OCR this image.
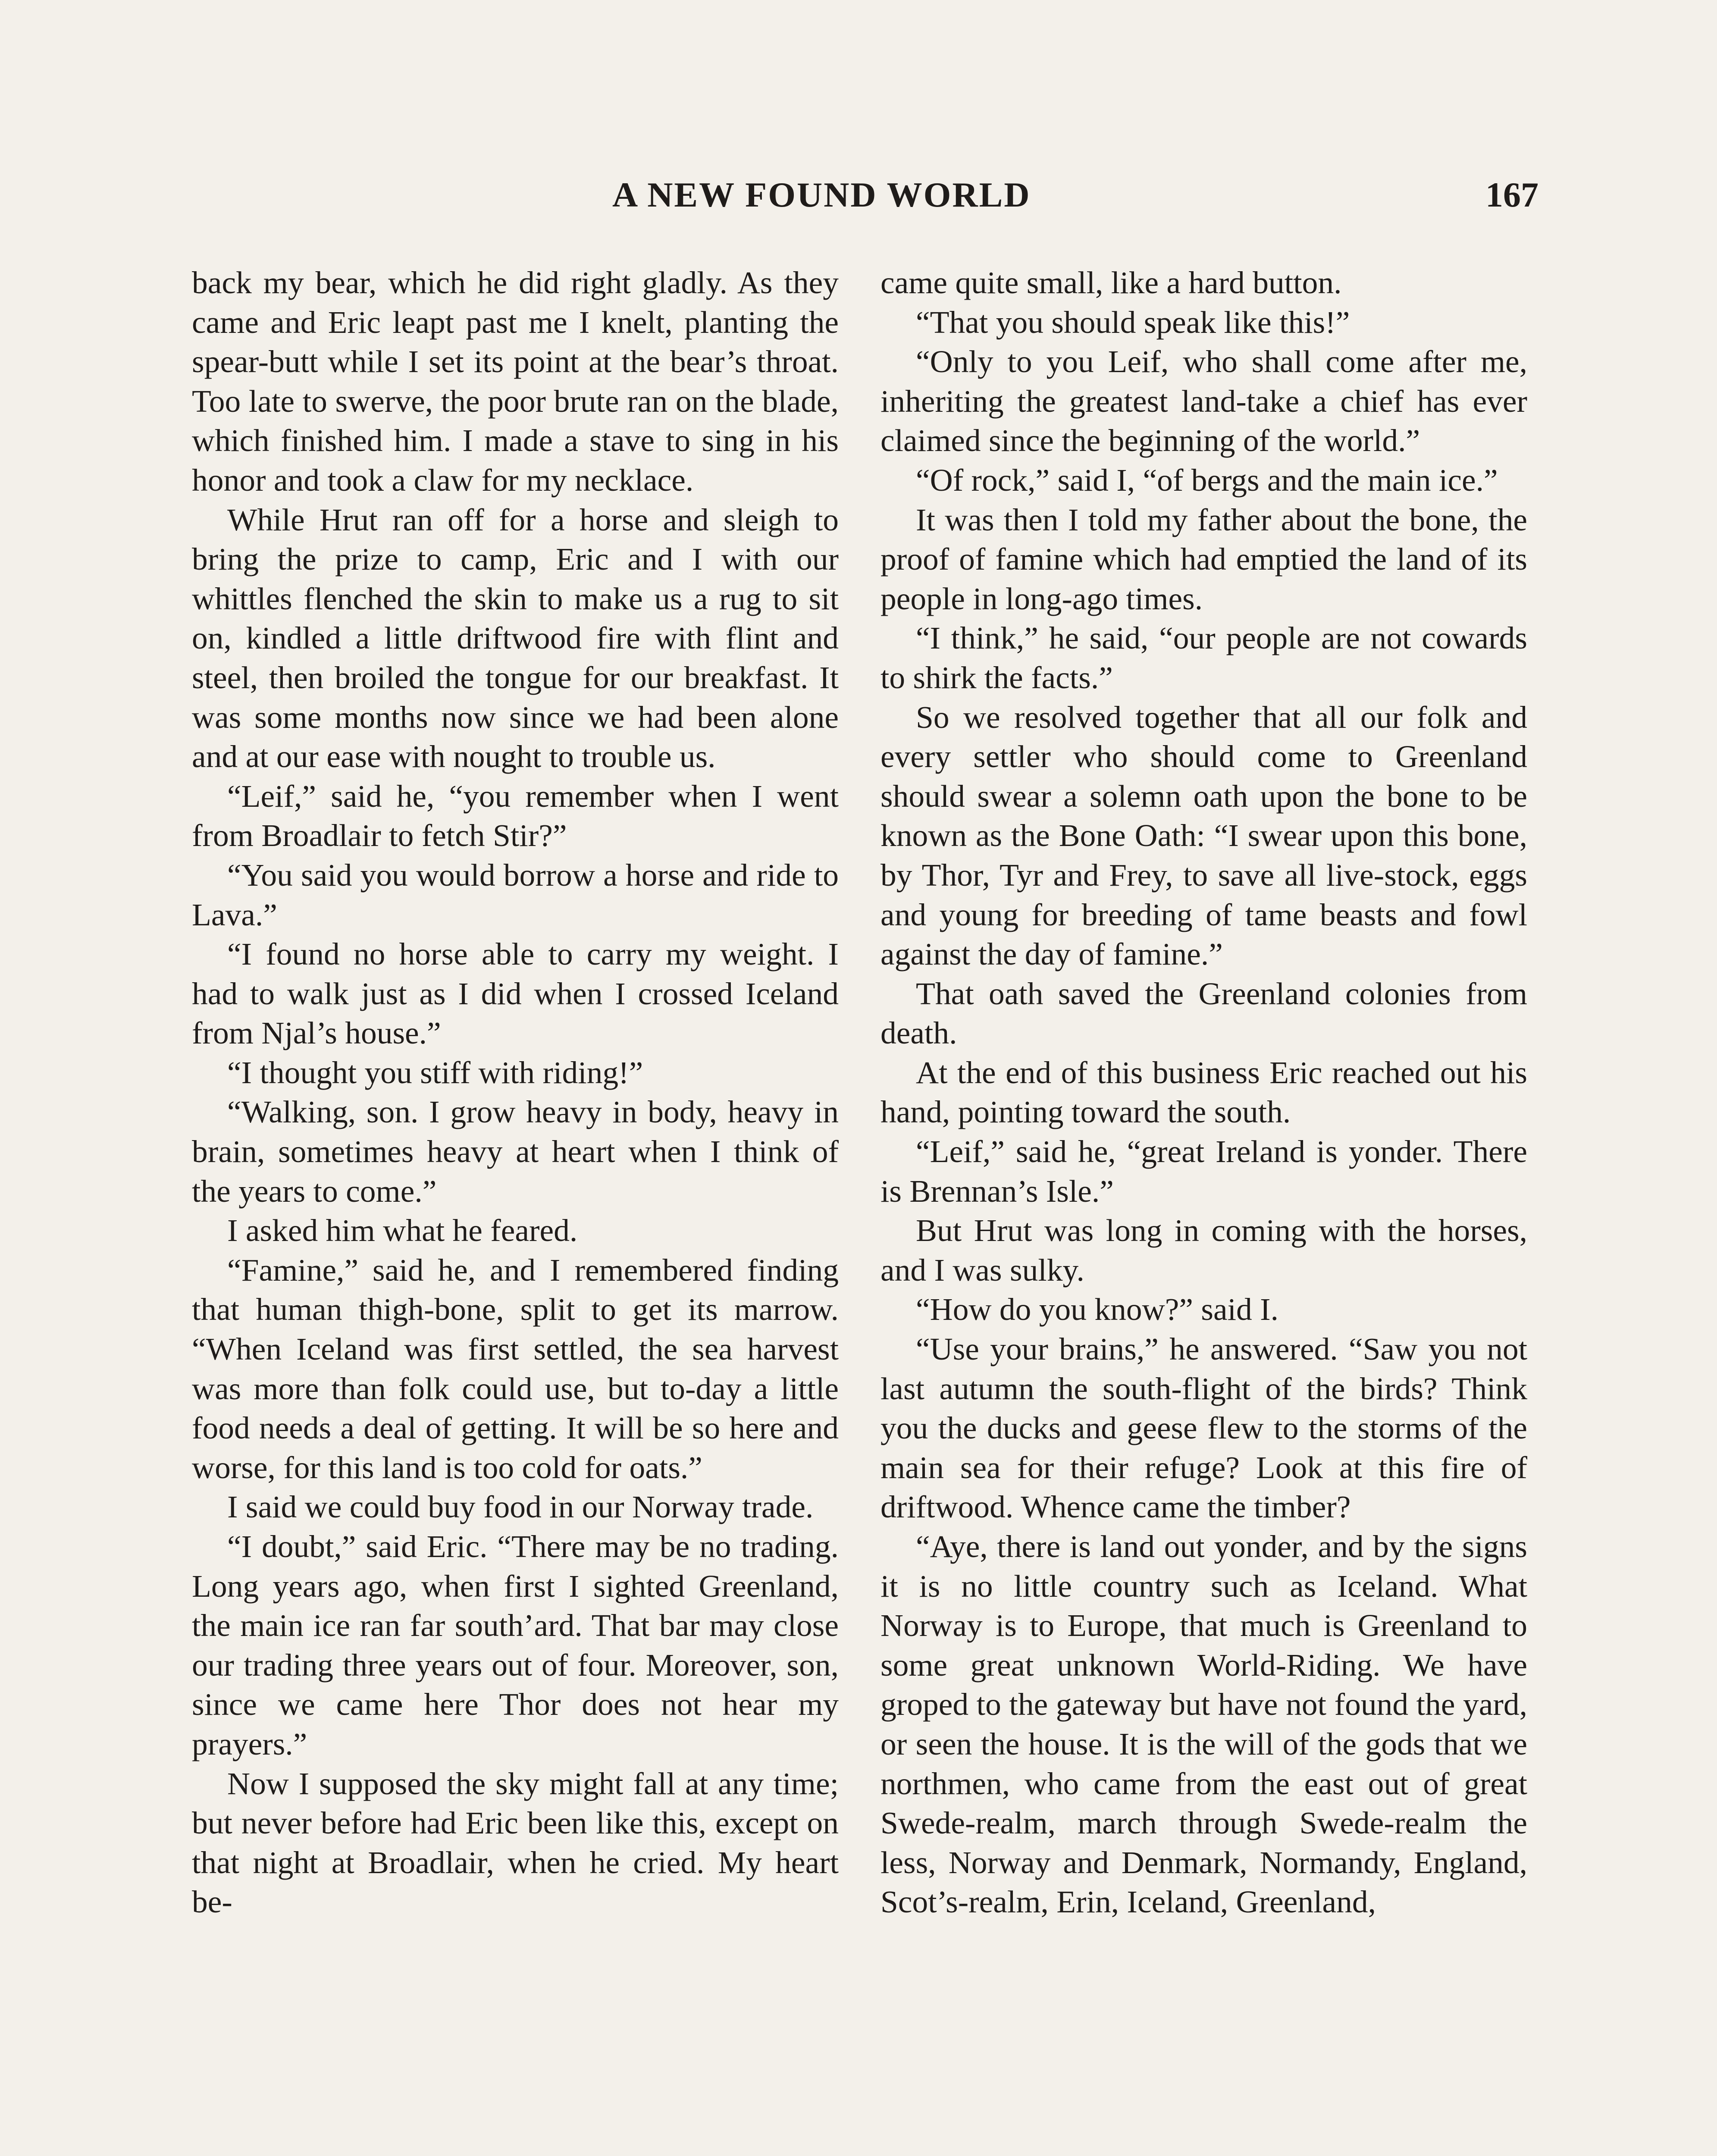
A NEW FOUND WORLD	167

back my bear, which he did right gladly. As they came and Eric leapt past me I knelt, planting the spear-butt while I set its point at the bear’s throat. Too late to swerve, the poor brute ran on the blade, which finished him. I made a stave to sing in his honor and took a claw for my necklace.

While Hrut ran off for a horse and sleigh to bring the prize to camp, Eric and I with our whittles flenched the skin to make us a rug to sit on, kindled a little driftwood fire with flint and steel, then broiled the tongue for our breakfast. It was some months now since we had been alone and at our ease with nought to trouble us.

“Leif,” said he, “you remember when I went from Broadlair to fetch Stir?”

“You said you would borrow a horse and ride to Lava.”

“I found no horse able to carry my weight. I had to walk just as I did when I crossed Iceland from Njal’s house.”

“I thought you stiff with riding!”

“Walking, son. I grow heavy in body, heavy in brain, sometimes heavy at heart when I think of the years to come.”

I asked him what he feared.

“Famine,” said he, and I remembered finding that human thigh-bone, split to get its marrow. “When Iceland was first settled, the sea harvest was more than folk could use, but to-day a little food needs a deal of getting. It will be so here and worse, for this land is too cold for oats.”

I said we could buy food in our Norway trade.

“I doubt,” said Eric. “There may be no trading. Long years ago, when first I sighted Greenland, the main ice ran far south’ard. That bar may close our trading three years out of four. Moreover, son, since we came here Thor does not hear my prayers.”

Now I supposed the sky might fall at any time; but never before had Eric been like this, except on that night at Broadlair, when he cried. My heart be-

came quite small, like a hard button.

“That you should speak like this!”

“Only to you Leif, who shall come after me, inheriting the greatest land-take a chief has ever claimed since the beginning of the world.”

“Of rock,” said I, “of bergs and the main ice.”

It was then I told my father about the bone, the proof of famine which had emptied the land of its people in long-ago times.

“I think,” he said, “our people are not cowards to shirk the facts.”

So we resolved together that all our folk and every settler who should come to Greenland should swear a solemn oath upon the bone to be known as the Bone Oath: “I swear upon this bone, by Thor, Tyr and Frey, to save all live-stock, eggs and young for breeding of tame beasts and fowl against the day of famine.”

That oath saved the Greenland colonies from death.

At the end of this business Eric reached out his hand, pointing toward the south.

“Leif,” said he, “great Ireland is yonder. There is Brennan’s Isle.”

But Hrut was long in coming with the horses, and I was sulky.

“How do you know?” said I.

“Use your brains,” he answered. “Saw you not last autumn the south-flight of the birds? Think you the ducks and geese flew to the storms of the main sea for their refuge? Look at this fire of driftwood. Whence came the timber?

“Aye, there is land out yonder, and by the signs it is no little country such as Iceland. What Norway is to Europe, that much is Greenland to some great unknown World-Riding. We have groped to the gateway but have not found the yard, or seen the house. It is the will of the gods that we northmen, who came from the east out of great Swede-realm, march through Swede-realm the less, Norway and Denmark, Normandy, England, Scot’s-realm, Erin, Iceland, Greenland,
